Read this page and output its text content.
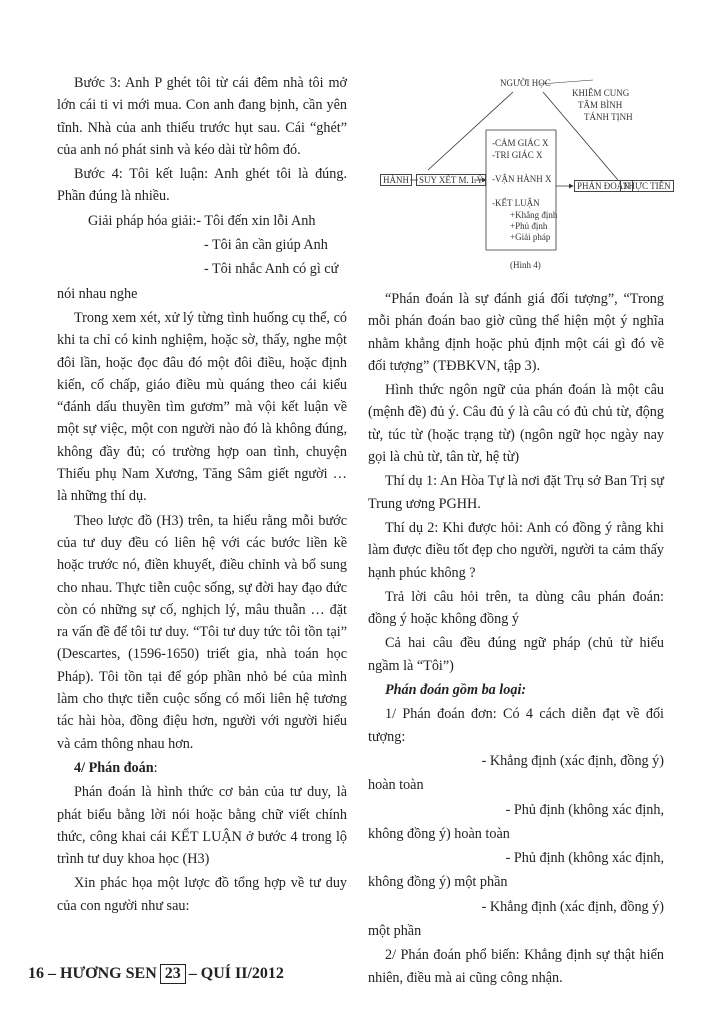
Bước 3: Anh P ghét tôi từ cái đêm nhà tôi mở lớn cái ti vi mới mua. Con anh đang bịnh, cần yên tĩnh. Nhà của anh thiếu trước hụt sau. Cái “ghét” của anh nó phát sinh và kéo dài từ hôm đó.

Bước 4: Tôi kết luận: Anh ghét tôi là đúng. Phần đúng là nhiều.

Giải pháp hóa giải:- Tôi đến xin lỗi Anh

- Tôi ân cần giúp Anh

- Tôi nhắc Anh có gì cứ

nói nhau nghe

Trong xem xét, xử lý từng tình huống cụ thể, có khi ta chỉ có kinh nghiệm, hoặc sờ, thấy, nghe một đôi lần, hoặc đọc đâu đó một đôi điều, hoặc định kiến, cố chấp, giáo điều mù quáng theo cái kiểu “đánh dấu thuyền tìm gươm” mà vội kết luận về một sự việc, một con người nào đó là không đúng, không đầy đủ; có trường hợp oan tình, chuyện Thiếu phụ Nam Xương, Tăng Sâm giết người … là những thí dụ.

Theo lược đồ (H3) trên, ta hiểu rằng mỗi bước của tư duy đều có liên hệ với các bước liền kề hoặc trước nó, điền khuyết, điều chỉnh và bổ sung cho nhau. Thực tiễn cuộc sống, sự đời hay đạo đức còn có những sự cố, nghịch lý, mâu thuẫn … đặt ra vấn đề để tôi tư duy. “Tôi tư duy tức tôi tồn tại” (Descartes, (1596-1650) triết gia, nhà toán học Pháp). Tôi tồn tại để góp phần nhỏ bé của mình làm cho thực tiễn cuộc sống có mối liên hệ tương tác hài hòa, đồng điệu hơn, người với người hiểu và cảm thông nhau hơn.

4/ Phán đoán:

Phán đoán là hình thức cơ bản của tư duy, là phát biểu bằng lời nói hoặc bằng chữ viết chính thức, công khai cái KẾT LUẬN ở bước 4 trong lộ trình tư duy khoa học (H3)

Xin phác họa một lược đồ tổng hợp về tư duy của con người như sau:

NGƯỜI HỌC
KHIÊM CUNG
TÂM BÌNH
TÁNH TỊNH
HÀNH	SUY XÉT M. LÝ
-CẢM GIÁC X
-TRI GIÁC X
-VẬN HÀNH X
-KẾT LUẬN
+Khẳng định
+Phủ định
+Giải pháp
PHÁN ĐOÁN
THỰC TIỄN
(Hình 4)

“Phán đoán là sự đánh giá đối tượng”, “Trong mỗi phán đoán bao giờ cũng thể hiện một ý nghĩa nhằm khẳng định hoặc phủ định một cái gì đó về đối tượng” (TĐBKVN, tập 3).

Hình thức ngôn ngữ của phán đoán là một câu (mệnh đề) đủ ý. Câu đủ ý là câu có đủ chủ từ, động từ, túc từ (hoặc trạng từ) (ngôn ngữ học ngày nay gọi là chủ từ, tân từ, hệ từ)

Thí dụ 1: An Hòa Tự là nơi đặt Trụ sở Ban Trị sự Trung ương PGHH.

Thí dụ 2: Khi được hỏi: Anh có đồng ý rằng khi làm được điều tốt đẹp cho người, người ta cảm thấy hạnh phúc không ?

Trả lời câu hỏi trên, ta dùng câu phán đoán: đồng ý hoặc không đồng ý

Cả hai câu đều đúng ngữ pháp (chủ từ hiểu ngầm là “Tôi”)

Phán đoán gồm ba loại:

1/ Phán đoán đơn: Có 4 cách diễn đạt về đối tượng:

- Khẳng định (xác định, đồng ý)

hoàn toàn

- Phủ định (không xác định,

không đồng ý) hoàn toàn

- Phủ định (không xác định,

không đồng ý) một phần

- Khẳng định (xác định, đồng ý)

một phần

2/ Phán đoán phổ biến: Khẳng định sự thật hiển nhiên, điều mà ai cũng công nhận.

16 – HƯƠNG SEN 23 – QUÍ II/2012
